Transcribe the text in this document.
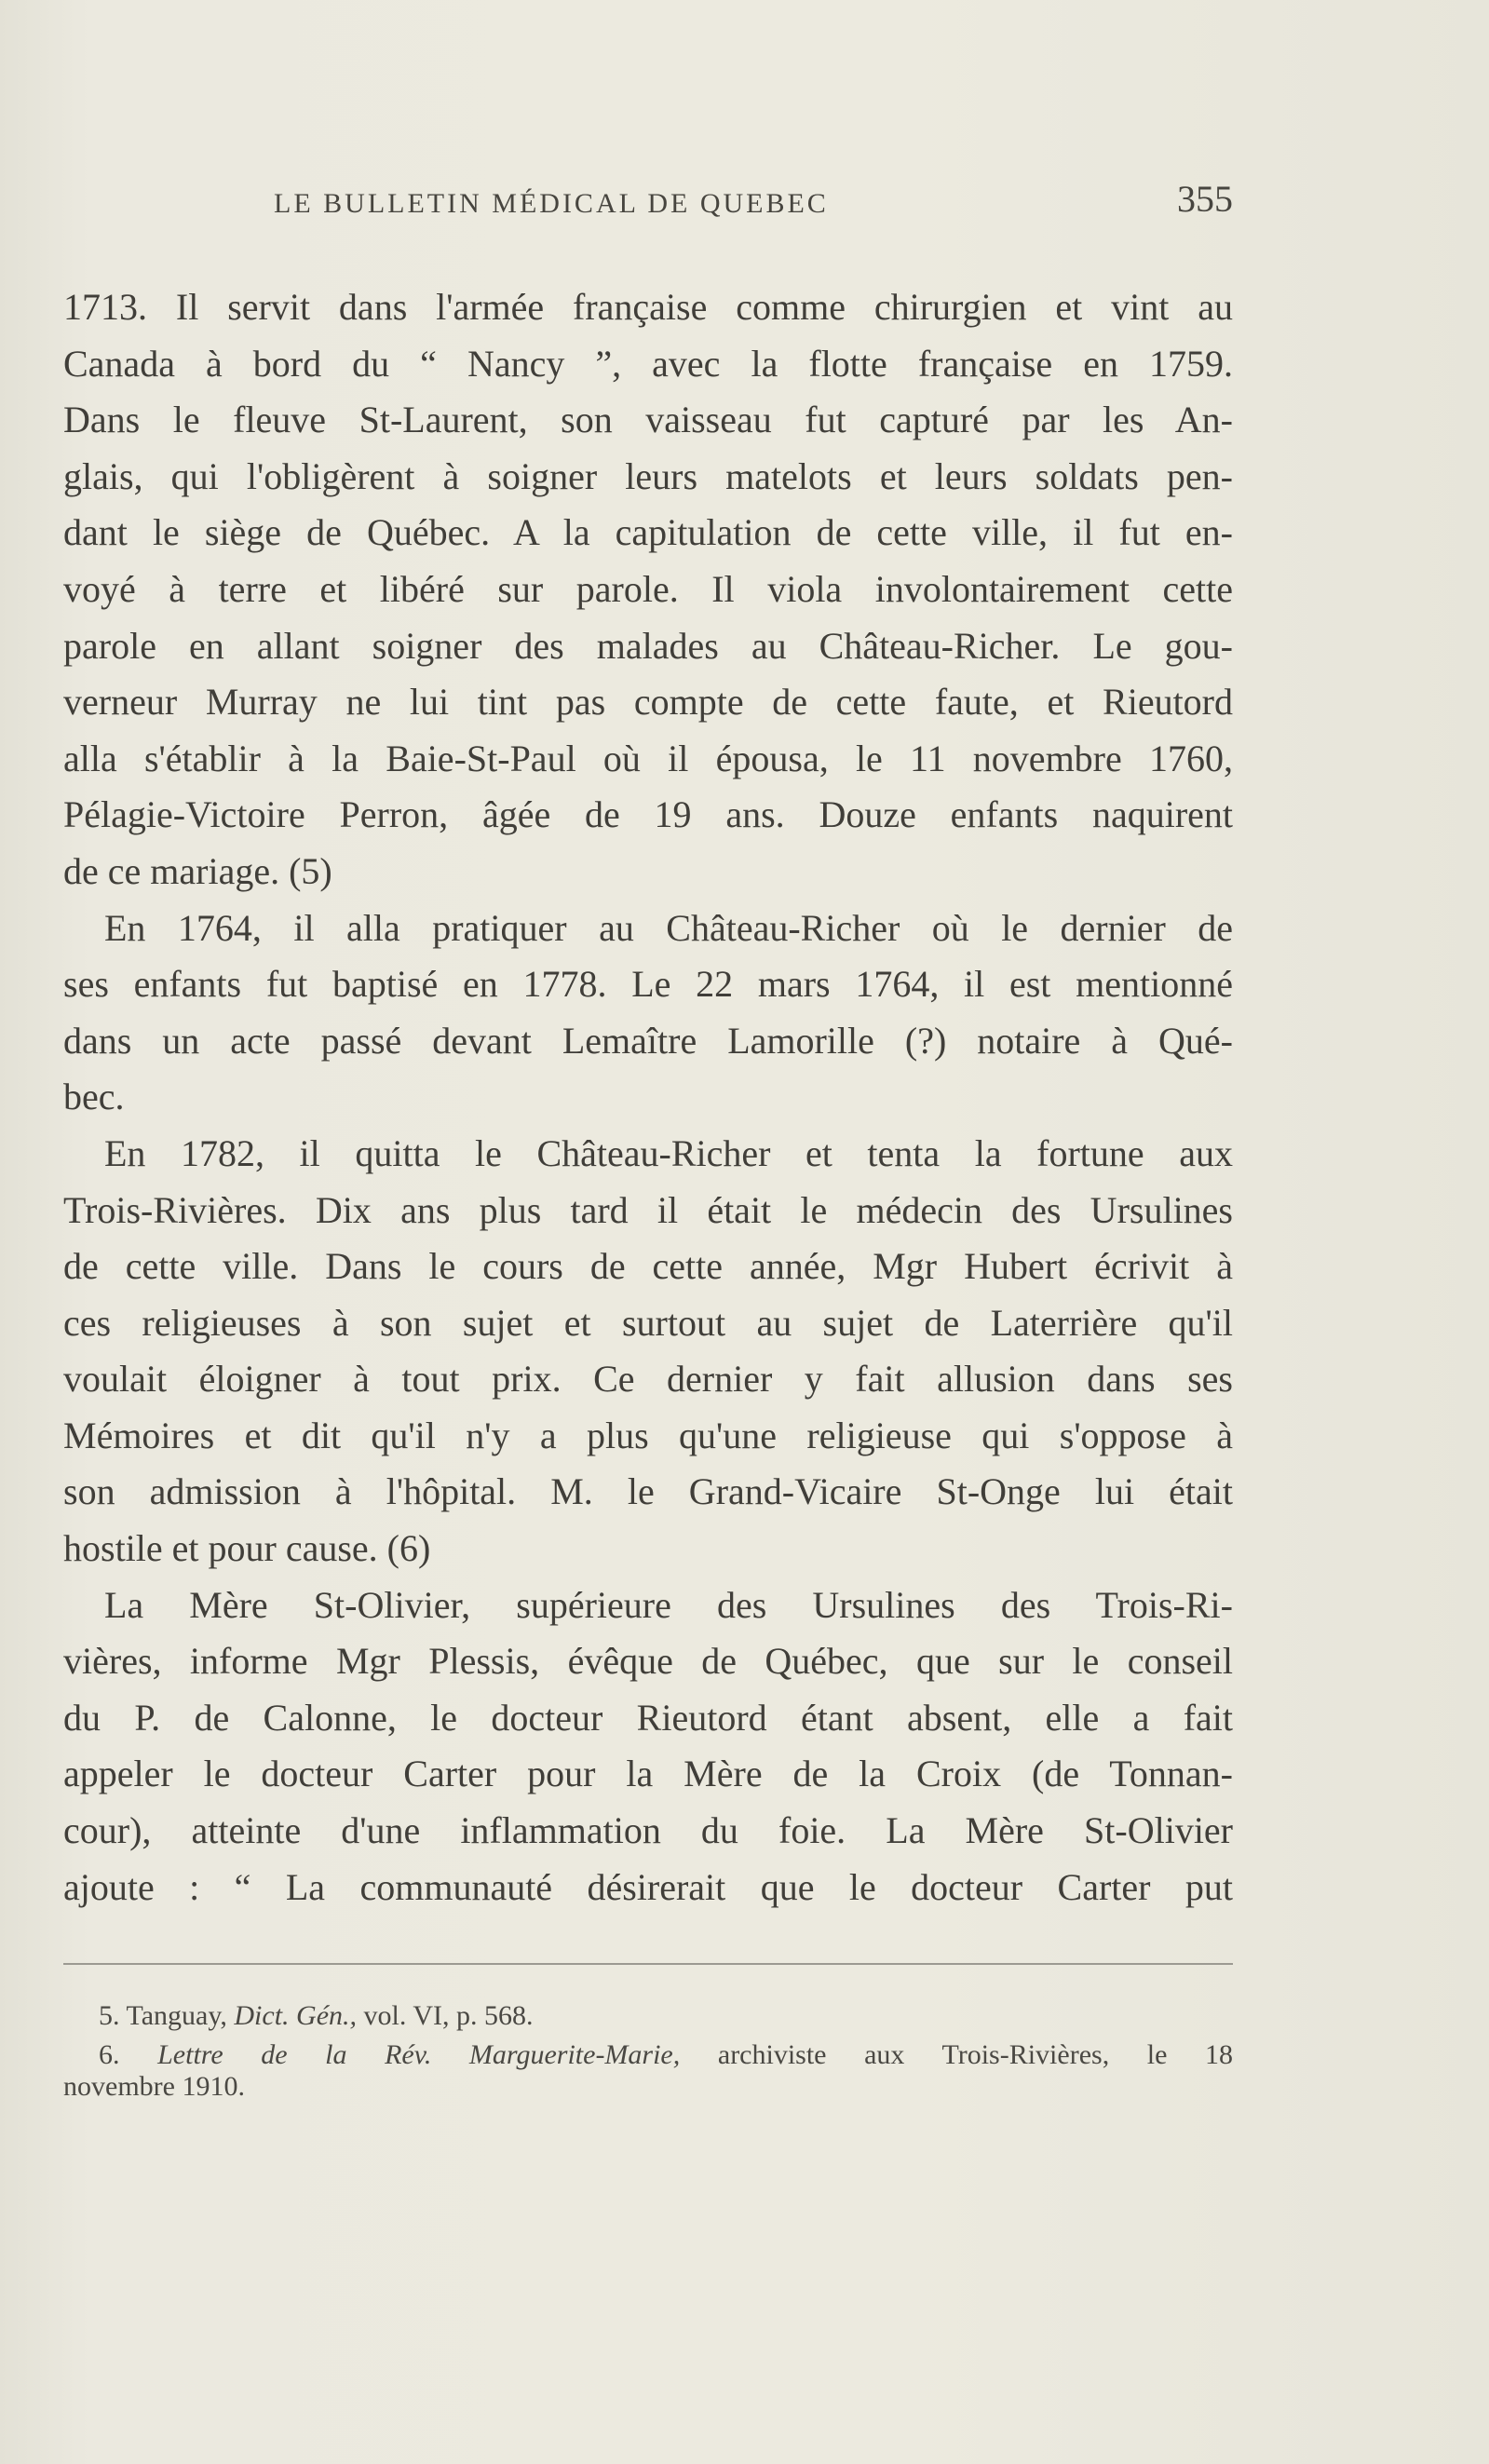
LE BULLETIN MÉDICAL DE QUEBEC	355
1713. Il servit dans l'armée française comme chirurgien et vint au
Canada à bord du “ Nancy ”, avec la flotte française en 1759.
Dans le fleuve St-Laurent, son vaisseau fut capturé par les An-
glais, qui l'obligèrent à soigner leurs matelots et leurs soldats pen-
dant le siège de Québec. A la capitulation de cette ville, il fut en-
voyé à terre et libéré sur parole. Il viola involontairement cette
parole en allant soigner des malades au Château-Richer. Le gou-
verneur Murray ne lui tint pas compte de cette faute, et Rieutord
alla s'établir à la Baie-St-Paul où il épousa, le 11 novembre 1760,
Pélagie-Victoire Perron, âgée de 19 ans. Douze enfants naquirent
de ce mariage. (5)
En 1764, il alla pratiquer au Château-Richer où le dernier de
ses enfants fut baptisé en 1778. Le 22 mars 1764, il est mentionné
dans un acte passé devant Lemaître Lamorille (?) notaire à Qué-
bec.
En 1782, il quitta le Château-Richer et tenta la fortune aux
Trois-Rivières. Dix ans plus tard il était le médecin des Ursulines
de cette ville. Dans le cours de cette année, Mgr Hubert écrivit à
ces religieuses à son sujet et surtout au sujet de Laterrière qu'il
voulait éloigner à tout prix. Ce dernier y fait allusion dans ses
Mémoires et dit qu'il n'y a plus qu'une religieuse qui s'oppose à
son admission à l'hôpital. M. le Grand-Vicaire St-Onge lui était
hostile et pour cause. (6)
La Mère St-Olivier, supérieure des Ursulines des Trois-Ri-
vières, informe Mgr Plessis, évêque de Québec, que sur le conseil
du P. de Calonne, le docteur Rieutord étant absent, elle a fait
appeler le docteur Carter pour la Mère de la Croix (de Tonnan-
cour), atteinte d'une inflammation du foie. La Mère St-Olivier
ajoute : “ La communauté désirerait que le docteur Carter put
5. Tanguay, Dict. Gén., vol. VI, p. 568.
6. Lettre de la Rév. Marguerite-Marie, archiviste aux Trois-Rivières, le 18
novembre 1910.
